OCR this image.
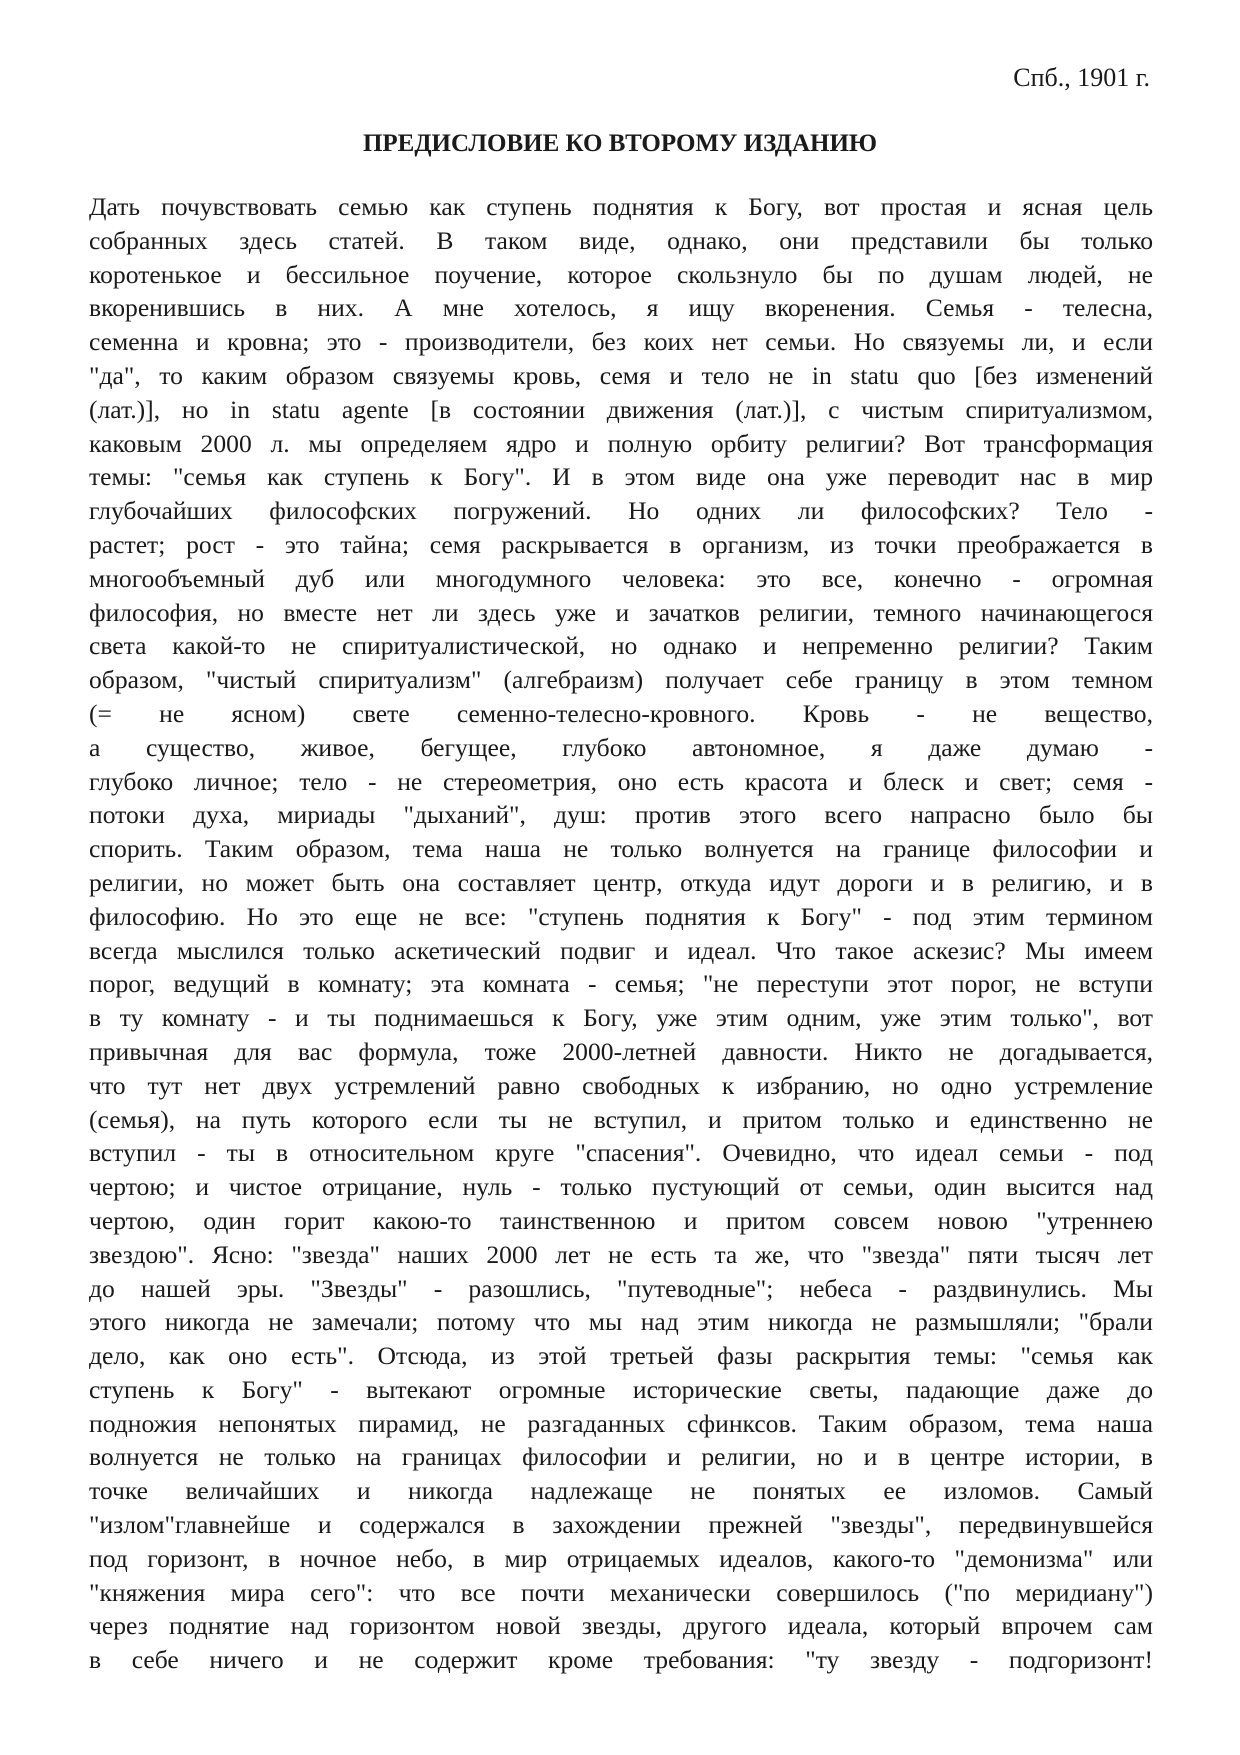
Спб., 1901 г.
ПРЕДИСЛОВИЕ КО ВТОРОМУ ИЗДАНИЮ
Дать почувствовать семью как ступень поднятия к Богу, вот простая и ясная цель
собранных здесь статей. В таком виде, однако, они представили бы только
коротенькое и бессильное поучение, которое скользнуло бы по душам людей, не
вкоренившись в них. А мне хотелось, я ищу вкоренения. Семья - телесна,
семенна и кровна; это - производители, без коих нет семьи. Но связуемы ли, и если
"да", то каким образом связуемы кровь, семя и тело не in statu quo [без изменений
(лат.)], но in statu agente [в состоянии движения (лат.)], с чистым спиритуализмом,
каковым 2000 л. мы определяем ядро и полную орбиту религии? Вот трансформация
темы: "семья как ступень к Богу". И в этом виде она уже переводит нас в мир
глубочайших философских погружений. Но одних ли философских? Тело -
растет; рост - это тайна; семя раскрывается в организм, из точки преображается в
многообъемный дуб или многодумного человека: это все, конечно - огромная
философия, но вместе нет ли здесь уже и зачатков религии, темного начинающегося
света какой-то не спиритуалистической, но однако и непременно религии? Таким
образом, "чистый спиритуализм" (алгебраизм) получает себе границу в этом темном
(= не ясном) свете семенно-телесно-кровного. Кровь - не вещество,
а существо, живое, бегущее, глубоко автономное, я даже думаю -
глубоко личное; тело - не стереометрия, оно есть красота и блеск и свет; семя -
потоки духа, мириады "дыханий", душ: против этого всего напрасно было бы
спорить. Таким образом, тема наша не только волнуется на границе философии и
религии, но может быть она составляет центр, откуда идут дороги и в религию, и в
философию. Но это еще не все: "ступень поднятия к Богу" - под этим термином
всегда мыслился только аскетический подвиг и идеал. Что такое аскезис? Мы имеем
порог, ведущий в комнату; эта комната - семья; "не переступи этот порог, не вступи
в ту комнату - и ты поднимаешься к Богу, уже этим одним, уже этим только", вот
привычная для вас формула, тоже 2000-летней давности. Никто не догадывается,
что тут нет двух устремлений равно свободных к избранию, но одно устремление
(семья), на путь которого если ты не вступил, и притом только и единственно не
вступил - ты в относительном круге "спасения". Очевидно, что идеал семьи - под
чертою; и чистое отрицание, нуль - только пустующий от семьи, один высится над
чертою, один горит какою-то таинственною и притом совсем новою "утреннею
звездою". Ясно: "звезда" наших 2000 лет не есть та же, что "звезда" пяти тысяч лет
до нашей эры. "Звезды" - разошлись, "путеводные"; небеса - раздвинулись. Мы
этого никогда не замечали; потому что мы над этим никогда не размышляли; "брали
дело, как оно есть". Отсюда, из этой третьей фазы раскрытия темы: "семья как
ступень к Богу" - вытекают огромные исторические светы, падающие даже до
подножия непонятых пирамид, не разгаданных сфинксов. Таким образом, тема наша
волнуется не только на границах философии и религии, но и в центре истории, в
точке величайших и никогда надлежаще не понятых ее изломов. Самый
"излом"главнейше и содержался в захождении прежней "звезды", передвинувшейся
под горизонт, в ночное небо, в мир отрицаемых идеалов, какого-то "демонизма" или
"княжения мира сего": что все почти механически совершилось ("по меридиану")
через поднятие над горизонтом новой звезды, другого идеала, который впрочем сам
в себе ничего и не содержит кроме требования: "ту звезду - подгоризонт!
